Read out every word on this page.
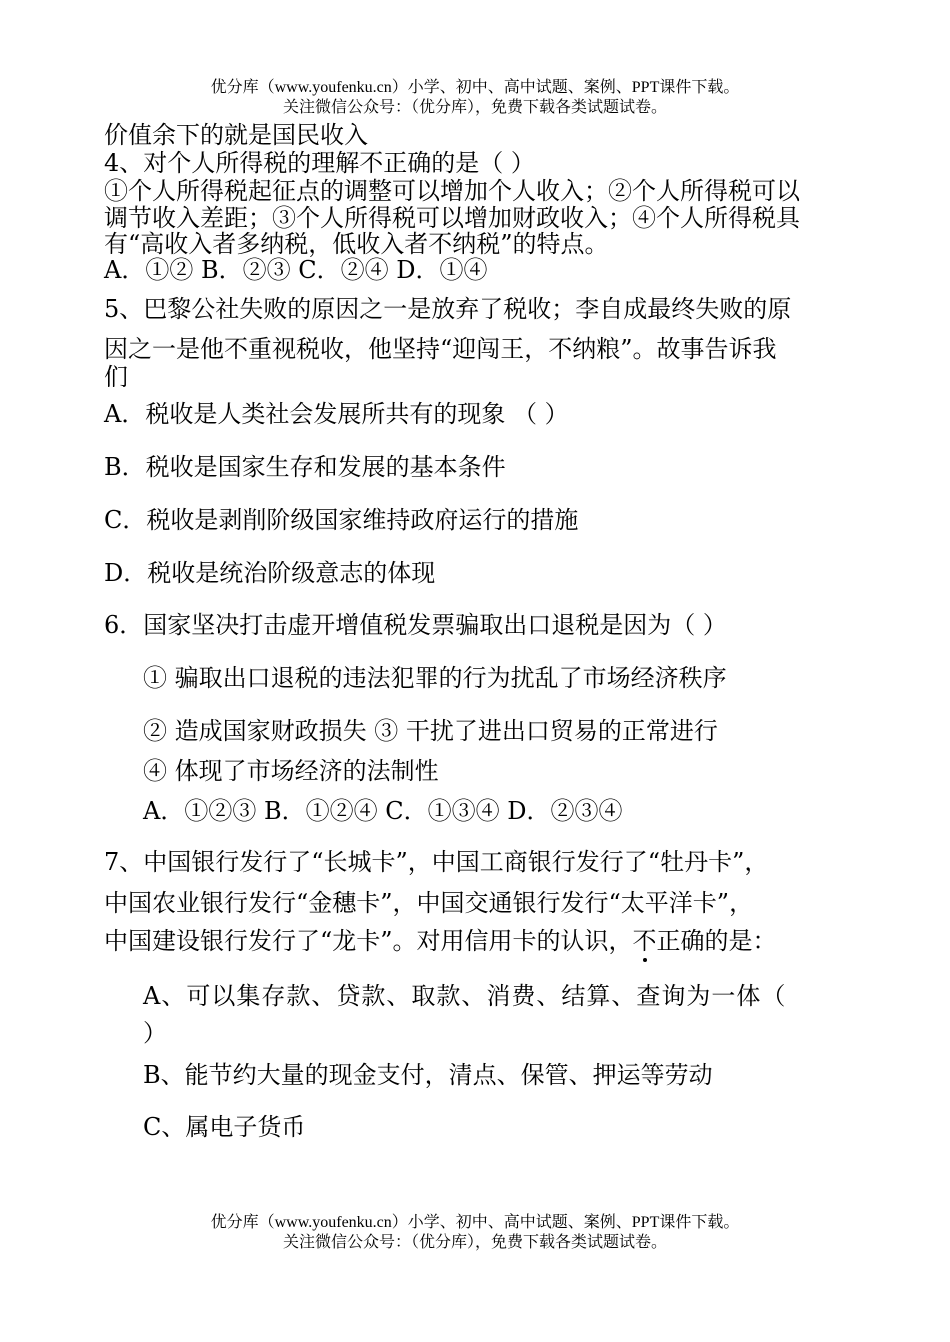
优分库（www.youfenku.cn）小学、初中、高中试题、案例、PPT课件下载。
关注微信公众号：（优分库），免费下载各类试题试卷。
价值余下的就是国民收入
4、对个人所得税的理解不正确的是（ ）
①个人所得税起征点的调整可以增加个人收入；②个人所得税可以
调节收入差距；③个人所得税可以增加财政收入；④个人所得税具
有“高收入者多纳税，低收入者不纳税”的特点。
A．①② B．②③ C．②④ D．①④
5、巴黎公社失败的原因之一是放弃了税收；李自成最终失败的原
因之一是他不重视税收，他坚持“迎闯王，不纳粮”。故事告诉我
们
A．税收是人类社会发展所共有的现象 （ ）
B．税收是国家生存和发展的基本条件
C．税收是剥削阶级国家维持政府运行的措施
D．税收是统治阶级意志的体现
6．国家坚决打击虚开增值税发票骗取出口退税是因为（ ）
① 骗取出口退税的违法犯罪的行为扰乱了市场经济秩序
② 造成国家财政损失 ③ 干扰了进出口贸易的正常进行
④ 体现了市场经济的法制性
A．①②③ B．①②④ C．①③④ D．②③④
7、中国银行发行了“长城卡”，中国工商银行发行了“牡丹卡”，
中国农业银行发行“金穗卡”，中国交通银行发行“太平洋卡”，
中国建设银行发行了“龙卡”。对用信用卡的认识，不正确的是：
A、可以集存款、贷款、取款、消费、结算、查询为一体（
）
B、能节约大量的现金支付，清点、保管、押运等劳动
C、属电子货币
优分库（www.youfenku.cn）小学、初中、高中试题、案例、PPT课件下载。
关注微信公众号：（优分库），免费下载各类试题试卷。
